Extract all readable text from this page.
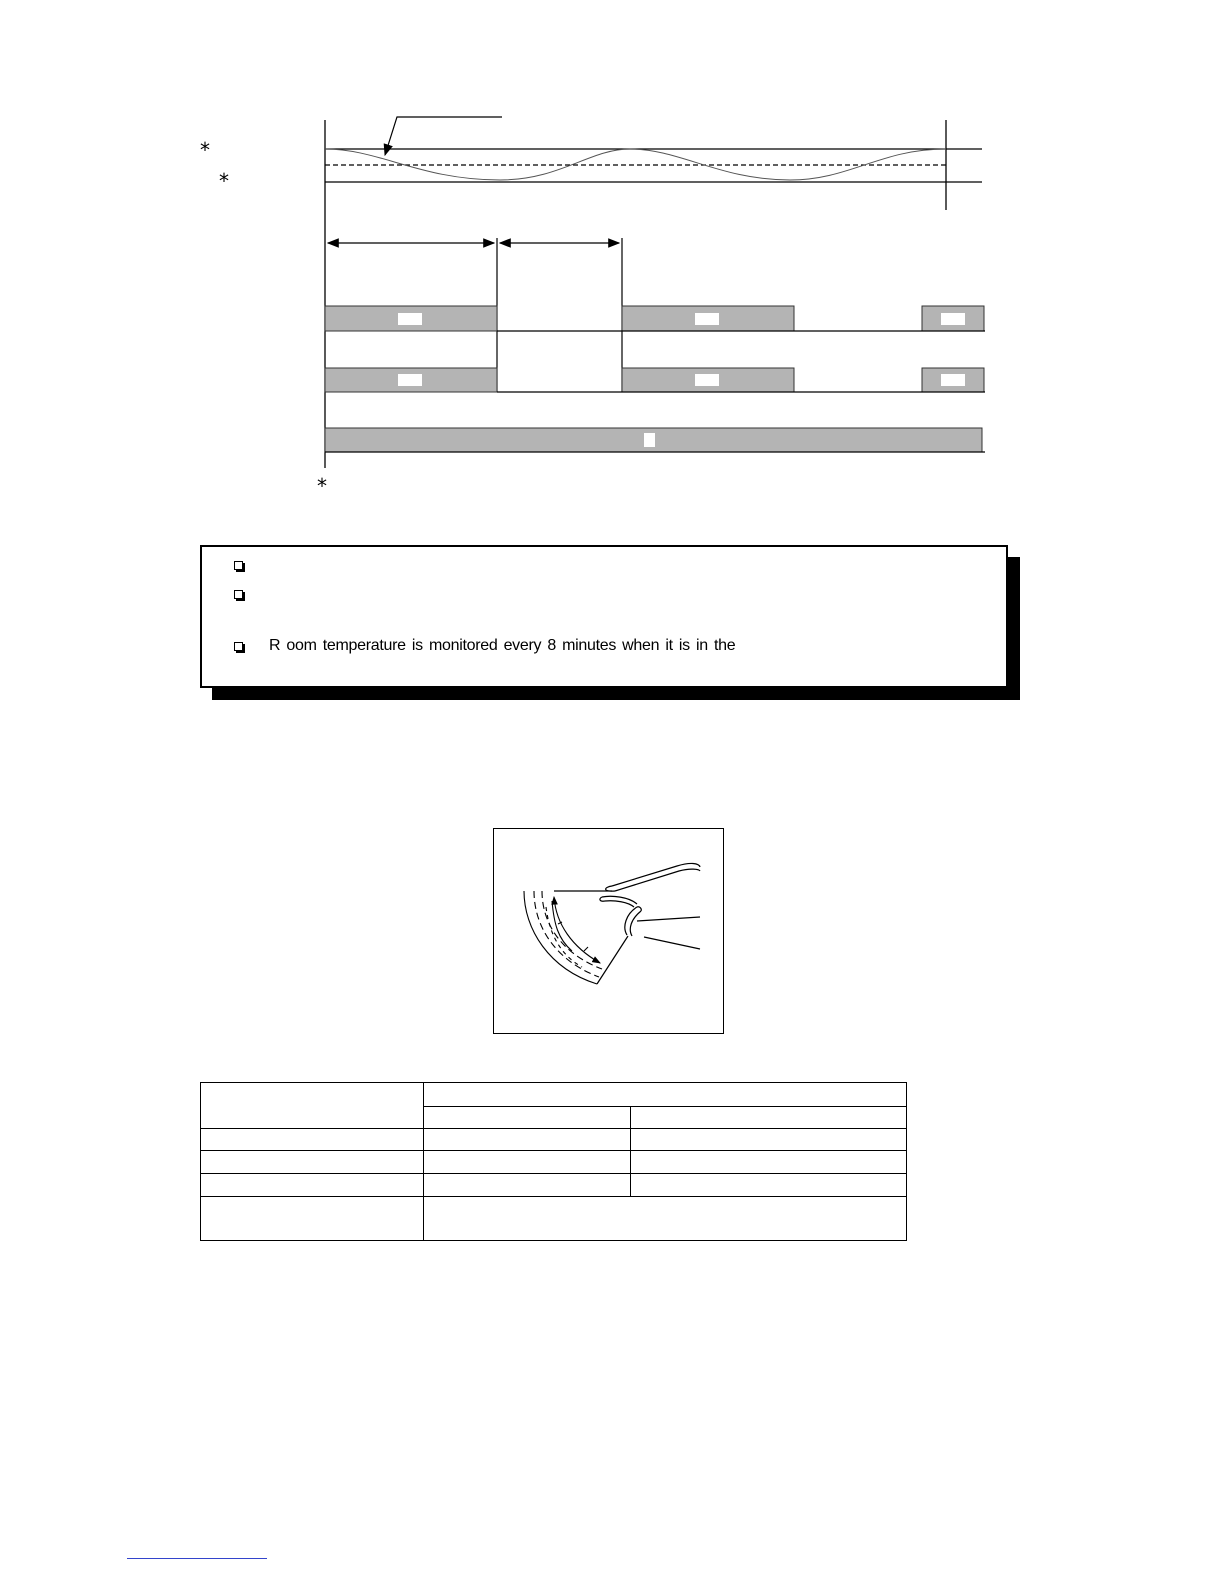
*
*
*
R oom temperature is monitored every 8 minutes when it is in the
